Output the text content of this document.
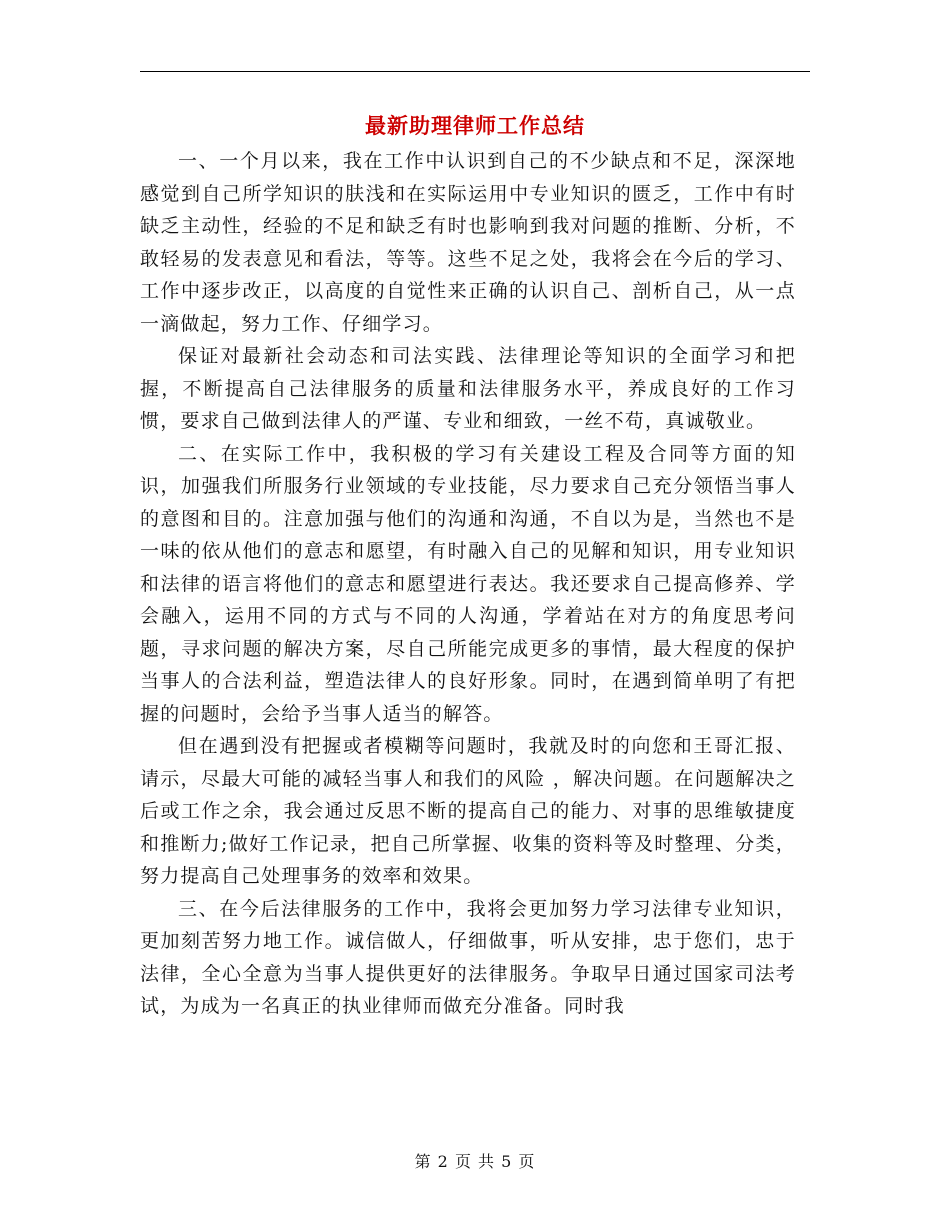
最新助理律师工作总结

一、一个月以来，我在工作中认识到自己的不少缺点和不足，深深地感觉到自己所学知识的肤浅和在实际运用中专业知识的匮乏，工作中有时缺乏主动性，经验的不足和缺乏有时也影响到我对问题的推断、分析，不敢轻易的发表意见和看法，等等。这些不足之处，我将会在今后的学习、工作中逐步改正，以高度的自觉性来正确的认识自己、剖析自己，从一点一滴做起，努力工作、仔细学习。

保证对最新社会动态和司法实践、法律理论等知识的全面学习和把握，不断提高自己法律服务的质量和法律服务水平，养成良好的工作习惯，要求自己做到法律人的严谨、专业和细致，一丝不苟，真诚敬业。

二、在实际工作中，我积极的学习有关建设工程及合同等方面的知识，加强我们所服务行业领域的专业技能，尽力要求自己充分领悟当事人的意图和目的。注意加强与他们的沟通和沟通，不自以为是，当然也不是一味的依从他们的意志和愿望，有时融入自己的见解和知识，用专业知识和法律的语言将他们的意志和愿望进行表达。我还要求自己提高修养、学会融入，运用不同的方式与不同的人沟通，学着站在对方的角度思考问题，寻求问题的解决方案，尽自己所能完成更多的事情，最大程度的保护当事人的合法利益，塑造法律人的良好形象。同时，在遇到简单明了有把握的问题时，会给予当事人适当的解答。

但在遇到没有把握或者模糊等问题时，我就及时的向您和王哥汇报、请示，尽最大可能的减轻当事人和我们的风险 ，解决问题。在问题解决之后或工作之余，我会通过反思不断的提高自己的能力、对事的思维敏捷度和推断力;做好工作记录，把自己所掌握、收集的资料等及时整理、分类，努力提高自己处理事务的效率和效果。

三、在今后法律服务的工作中，我将会更加努力学习法律专业知识，更加刻苦努力地工作。诚信做人，仔细做事，听从安排，忠于您们，忠于法律，全心全意为当事人提供更好的法律服务。争取早日通过国家司法考试，为成为一名真正的执业律师而做充分准备。同时我

第 2 页 共 5 页
